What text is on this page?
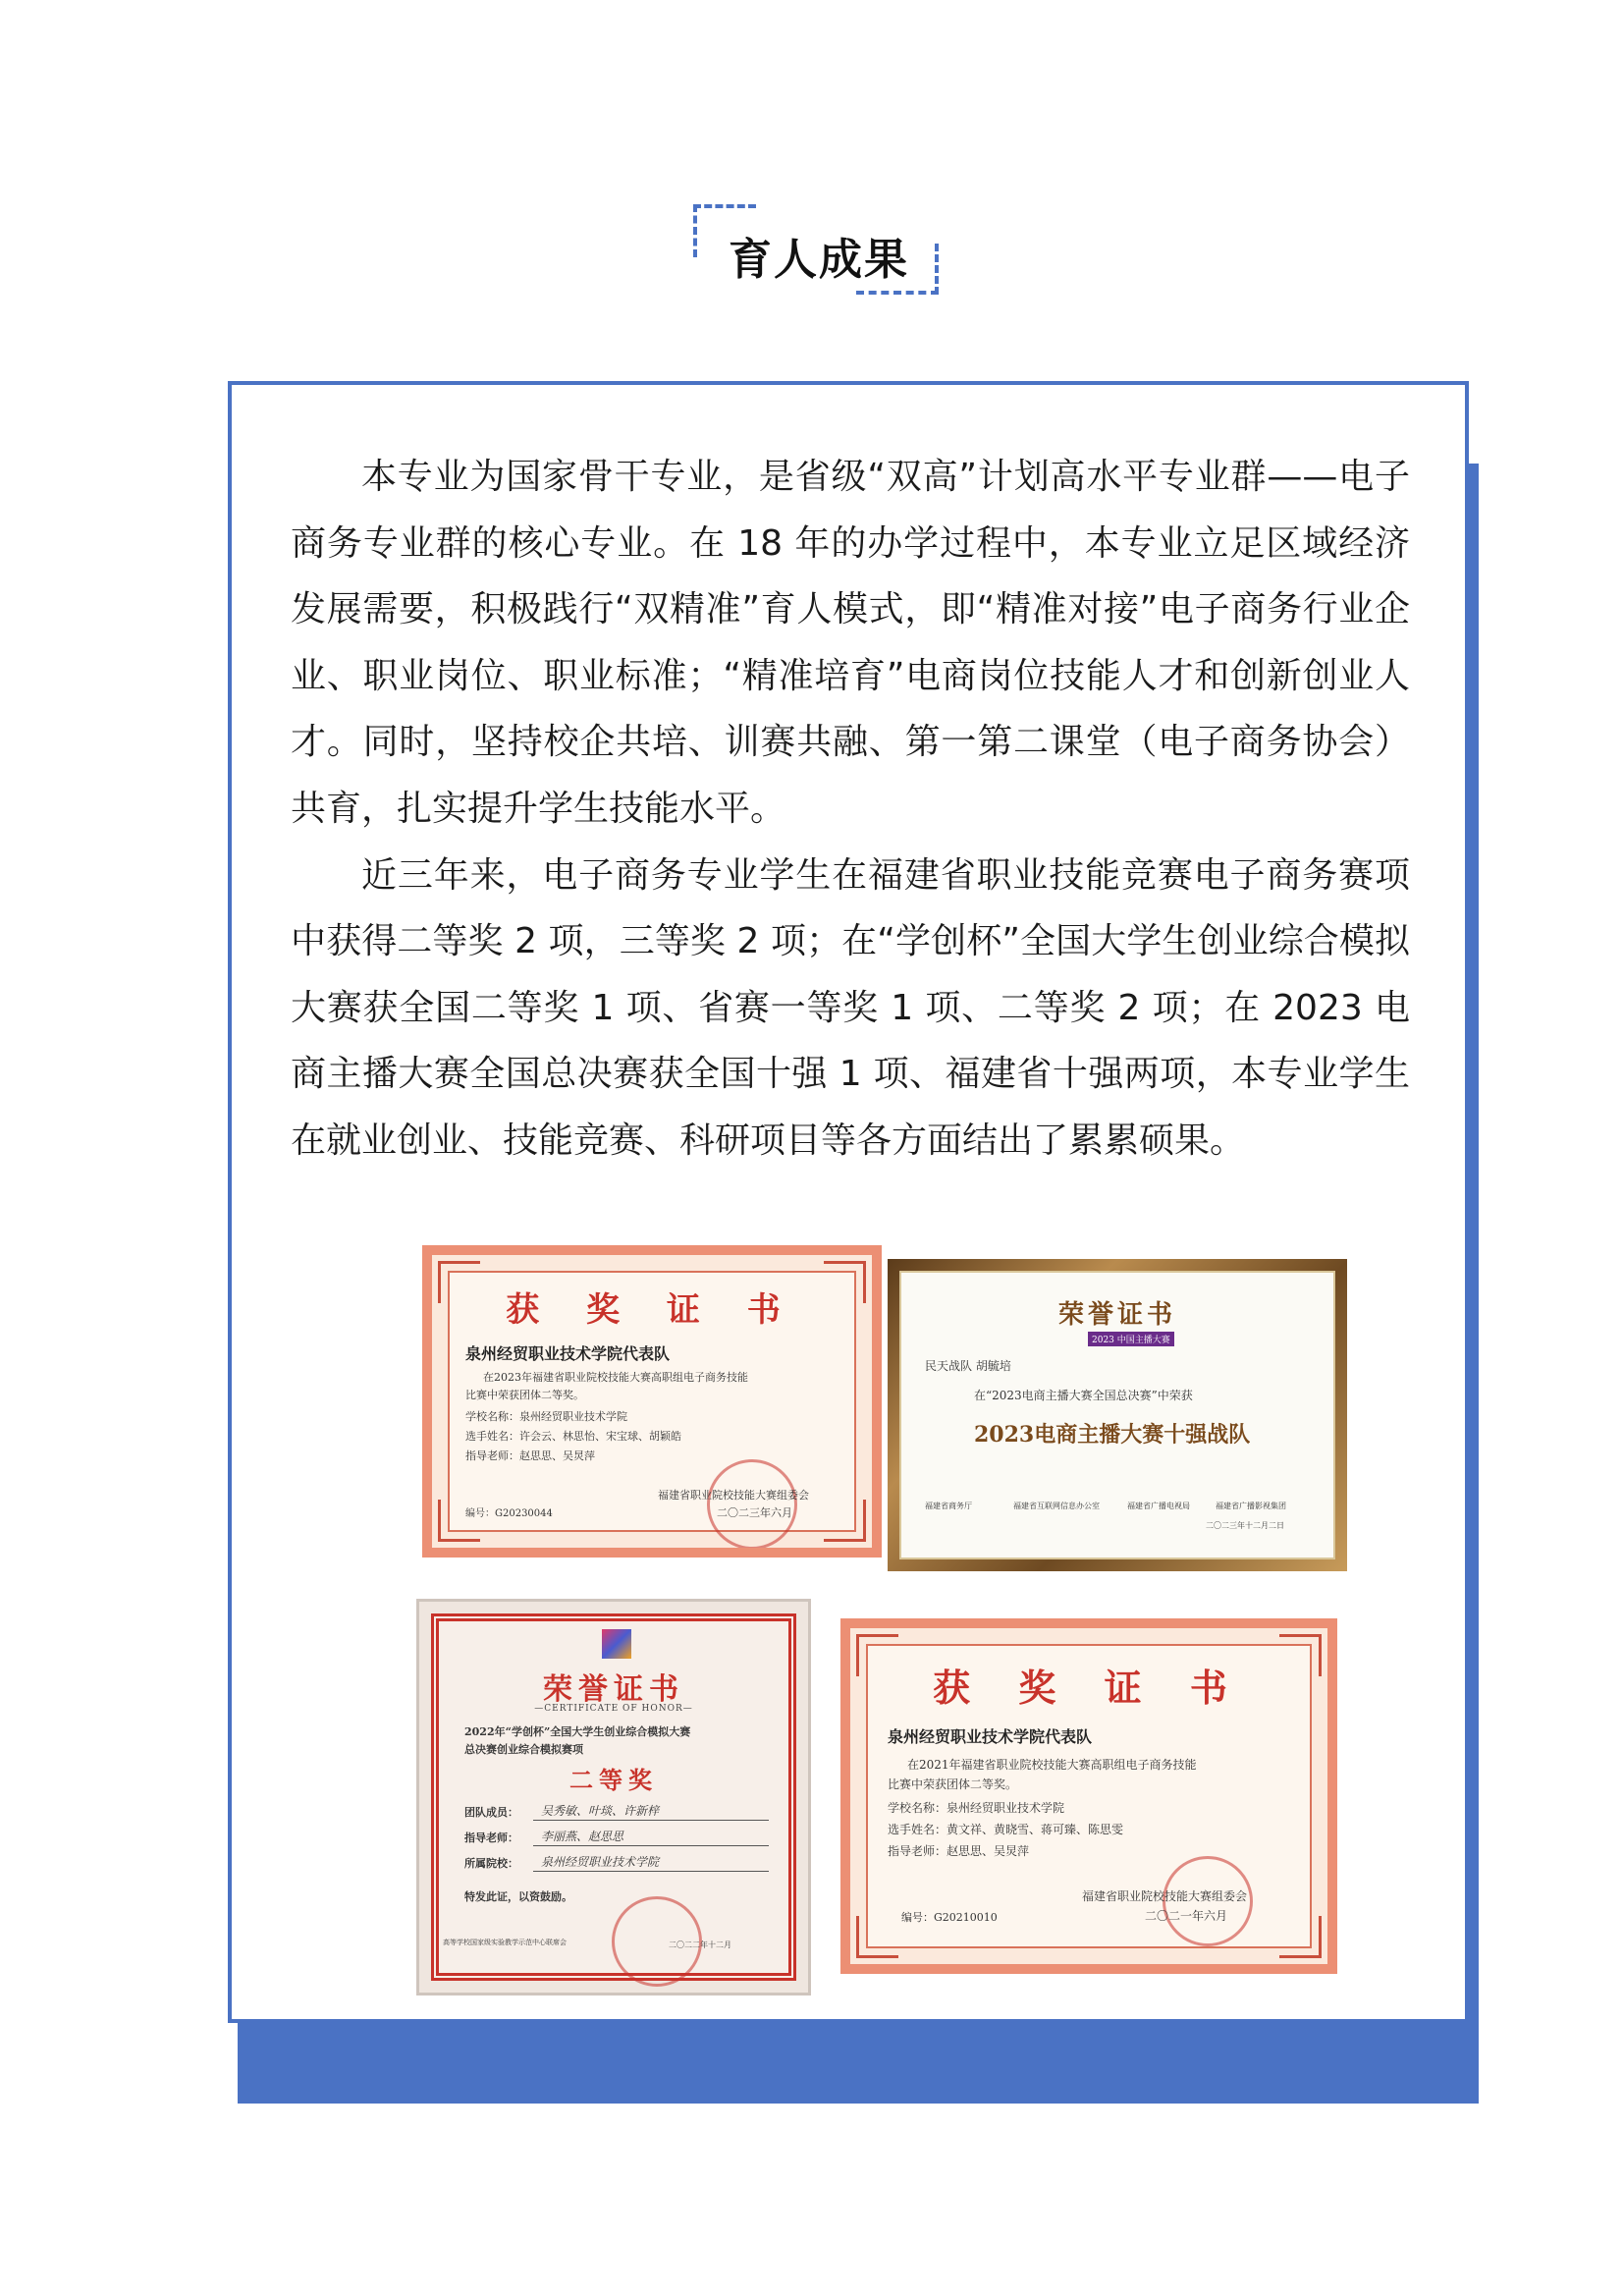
育人成果

本专业为国家骨干专业，是省级“双高”计划高水平专业群——电子商务专业群的核心专业。在 18 年的办学过程中，本专业立足区域经济发展需要，积极践行“双精准”育人模式，即“精准对接”电子商务行业企业、职业岗位、职业标准；“精准培育”电商岗位技能人才和创新创业人才。同时，坚持校企共培、训赛共融、第一第二课堂（电子商务协会）共育，扎实提升学生技能水平。

近三年来，电子商务专业学生在福建省职业技能竞赛电子商务赛项中获得二等奖 2 项，三等奖 2 项；在“学创杯”全国大学生创业综合模拟大赛获全国二等奖 1 项、省赛一等奖 1 项、二等奖 2 项；在 2023 电商主播大赛全国总决赛获全国十强 1 项、福建省十强两项，本专业学生在就业创业、技能竞赛、科研项目等各方面结出了累累硕果。

获 奖 证 书
泉州经贸职业技术学院代表队
在2023年福建省职业院校技能大赛高职组电子商务技能
比赛中荣获团体二等奖。
学校名称：泉州经贸职业技术学院
选手姓名：许会云、林思怡、宋宝球、胡颖皓
指导老师：赵思思、吴炅萍
福建省职业院校技能大赛组委会
二〇二三年六月
编号：G20230044
荣誉证书
2023 中国主播大赛
民天战队 胡毓培
在“2023电商主播大赛全国总决赛”中荣获
2023电商主播大赛十强战队
福建省商务厅	福建省互联网信息办公室	福建省广播电视局	福建省广播影视集团
二〇二三年十二月二日
荣誉证书
—CERTIFICATE OF HONOR—
2022年“学创杯”全国大学生创业综合模拟大赛
总决赛创业综合模拟赛项
二等奖
团队成员： 吴秀敏、叶琰、许新梓
指导老师： 李丽燕、赵思思
所属院校： 泉州经贸职业技术学院
特发此证，以资鼓励。
高等学校国家级实验教学示范中心联席会	二〇二二年十二月
获 奖 证 书
泉州经贸职业技术学院代表队
在2021年福建省职业院校技能大赛高职组电子商务技能
比赛中荣获团体二等奖。
学校名称：泉州经贸职业技术学院
选手姓名：黄文祥、黄晓雪、蒋可臻、陈思雯
指导老师：赵思思、吴炅萍
福建省职业院校技能大赛组委会
二〇二一年六月
编号：G20210010
